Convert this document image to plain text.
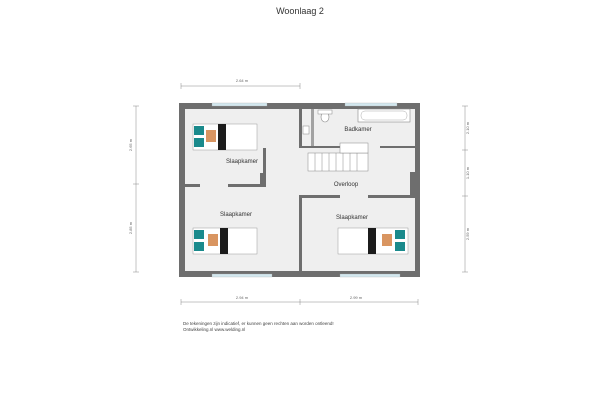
Woonlaag 2
2.64 m
2.94 m	2.99 m
2.65 m
2.85 m
2.10 m
1.10 m
2.59 m
Slaapkamer
Slaapkamer	Slaapkamer
Badkamer
Overloop
De tekeningen zijn indicatief, er kunnen geen rechten aan worden ontleend!
Ontwikkeling.nl www.welding.nl
